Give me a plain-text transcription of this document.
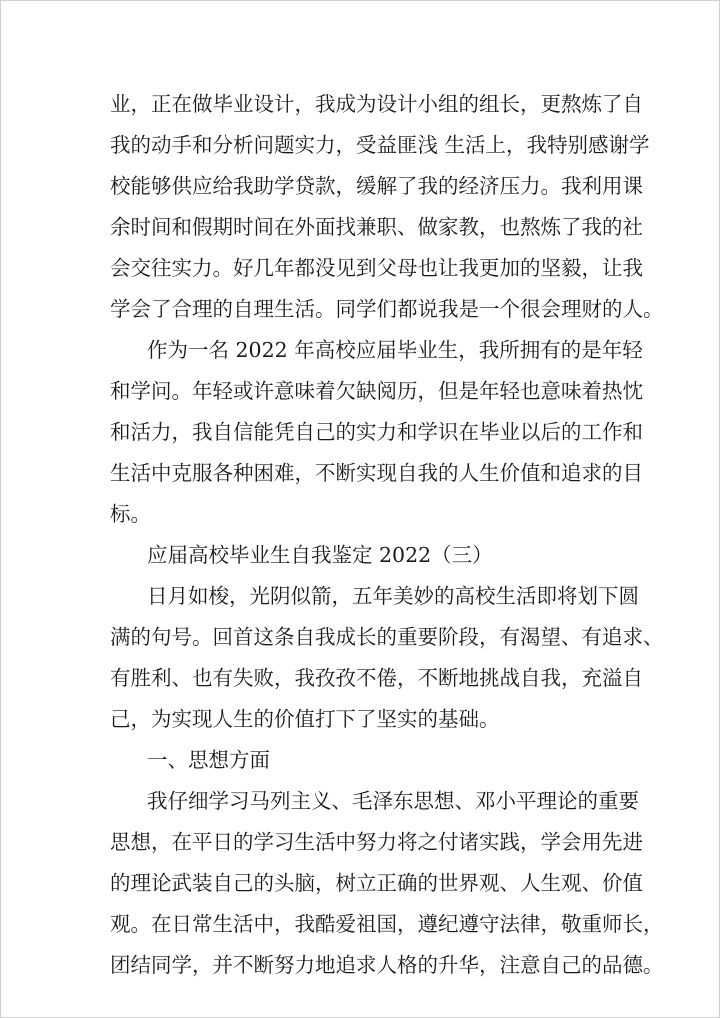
业，正在做毕业设计，我成为设计小组的组长，更熬炼了自
我的动手和分析问题实力，受益匪浅 生活上，我特别感谢学
校能够供应给我助学贷款，缓解了我的经济压力。我利用课
余时间和假期时间在外面找兼职、做家教，也熬炼了我的社
会交往实力。好几年都没见到父母也让我更加的坚毅，让我
学会了合理的自理生活。同学们都说我是一个很会理财的人。
作为一名 2022 年高校应届毕业生，我所拥有的是年轻
和学问。年轻或许意味着欠缺阅历，但是年轻也意味着热忱
和活力，我自信能凭自己的实力和学识在毕业以后的工作和
生活中克服各种困难，不断实现自我的人生价值和追求的目
标。
应届高校毕业生自我鉴定 2022（三）
日月如梭，光阴似箭，五年美妙的高校生活即将划下圆
满的句号。回首这条自我成长的重要阶段，有渴望、有追求、
有胜利、也有失败，我孜孜不倦，不断地挑战自我，充溢自
己，为实现人生的价值打下了坚实的基础。
一、思想方面
我仔细学习马列主义、毛泽东思想、邓小平理论的重要
思想，在平日的学习生活中努力将之付诸实践，学会用先进
的理论武装自己的头脑，树立正确的世界观、人生观、价值
观。在日常生活中，我酷爱祖国，遵纪遵守法律，敬重师长，
团结同学，并不断努力地追求人格的升华，注意自己的品德。
